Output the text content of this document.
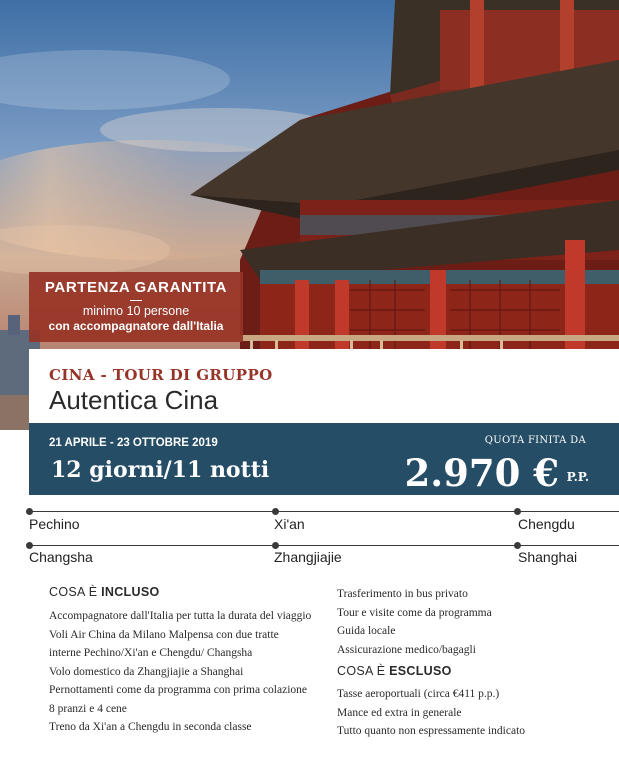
PARTENZA GARANTITA
minimo 10 persone
con accompagnatore dall'Italia
CINA - TOUR DI GRUPPO
Autentica Cina
21 APRILE - 23 OTTOBRE 2019
12 giorni/11 notti
QUOTA FINITA DA
2.970 € P.P.
Pechino	Xi'an	Chengdu
Changsha	Zhangjiajie	Shanghai
COSA È INCLUSO
Accompagnatore dall'Italia per tutta la durata del viaggio
Voli Air China da Milano Malpensa con due tratte
interne Pechino/Xi'an e Chengdu/ Changsha
Volo domestico da Zhangjiajie a Shanghai
Pernottamenti come da programma con prima colazione
8 pranzi e 4 cene
Treno da Xi'an a Chengdu in seconda classe
Trasferimento in bus privato
Tour e visite come da programma
Guida locale
Assicurazione medico/bagagli
COSA È ESCLUSO
Tasse aeroportuali (circa €411 p.p.)
Mance ed extra in generale
Tutto quanto non espressamente indicato
